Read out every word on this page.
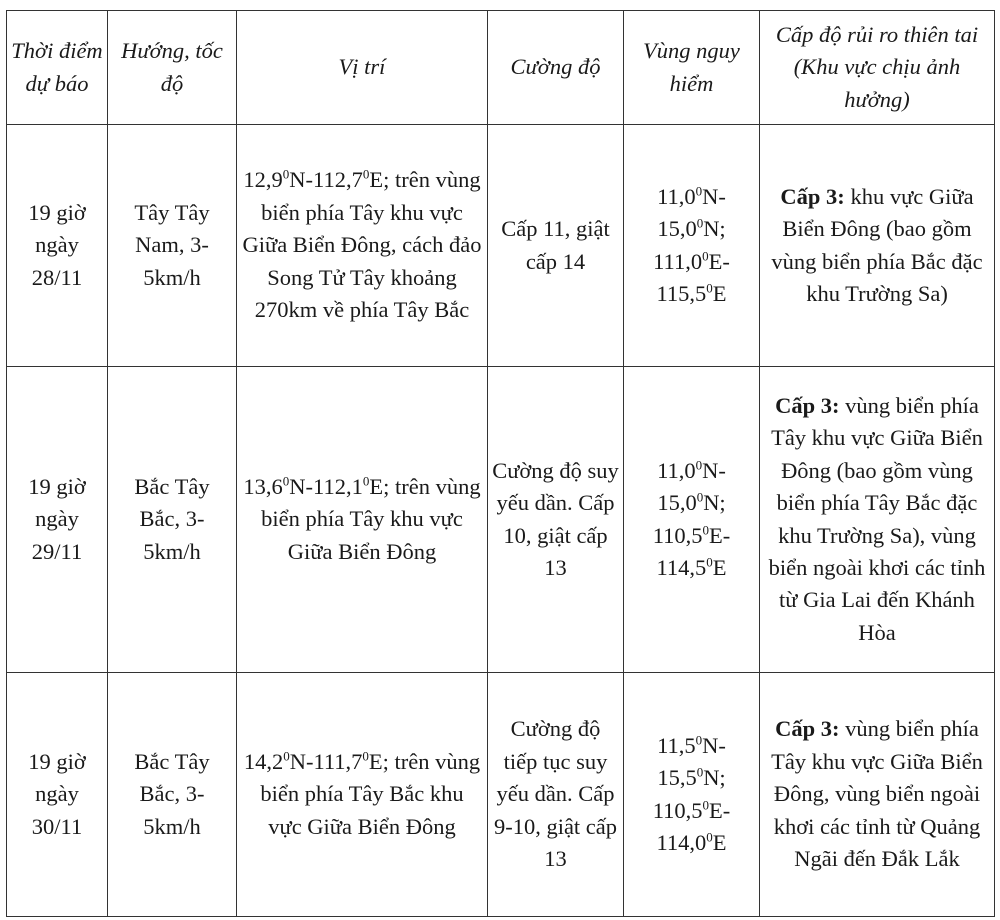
Thời điểm dự báo	Hướng, tốc độ	Vị trí	Cường độ	Vùng nguy hiểm	Cấp độ rủi ro thiên tai (Khu vực chịu ảnh hưởng)
19 giờ ngày 28/11	Tây Tây Nam, 3-5km/h	12,9$^0$N-112,7$^0$E; trên vùng biển phía Tây khu vực Giữa Biển Đông, cách đảo Song Tử Tây khoảng 270km về phía Tây Bắc	Cấp 11, giật cấp 14	11,0$^0$N-
15,0$^0$N;
111,0$^0$E-
115,5$^0$E	Cấp 3: khu vực Giữa Biển Đông (bao gồm vùng biển phía Bắc đặc khu Trường Sa)
19 giờ ngày 29/11	Bắc Tây Bắc, 3-5km/h	13,6$^0$N-112,1$^0$E; trên vùng biển phía Tây khu vực Giữa Biển Đông	Cường độ suy yếu dần. Cấp 10, giật cấp 13	11,0$^0$N-
15,0$^0$N;
110,5$^0$E-
114,5$^0$E	Cấp 3: vùng biển phía Tây khu vực Giữa Biển Đông (bao gồm vùng biển phía Tây Bắc đặc khu Trường Sa), vùng biển ngoài khơi các tỉnh từ Gia Lai đến Khánh Hòa
19 giờ ngày 30/11	Bắc Tây Bắc, 3-5km/h	14,2$^0$N-111,7$^0$E; trên vùng biển phía Tây Bắc khu vực Giữa Biển Đông	Cường độ tiếp tục suy yếu dần. Cấp 9-10, giật cấp 13	11,5$^0$N-
15,5$^0$N;
110,5$^0$E-
114,0$^0$E	Cấp 3: vùng biển phía Tây khu vực Giữa Biển Đông, vùng biển ngoài khơi các tỉnh từ Quảng Ngãi đến Đắk Lắk
